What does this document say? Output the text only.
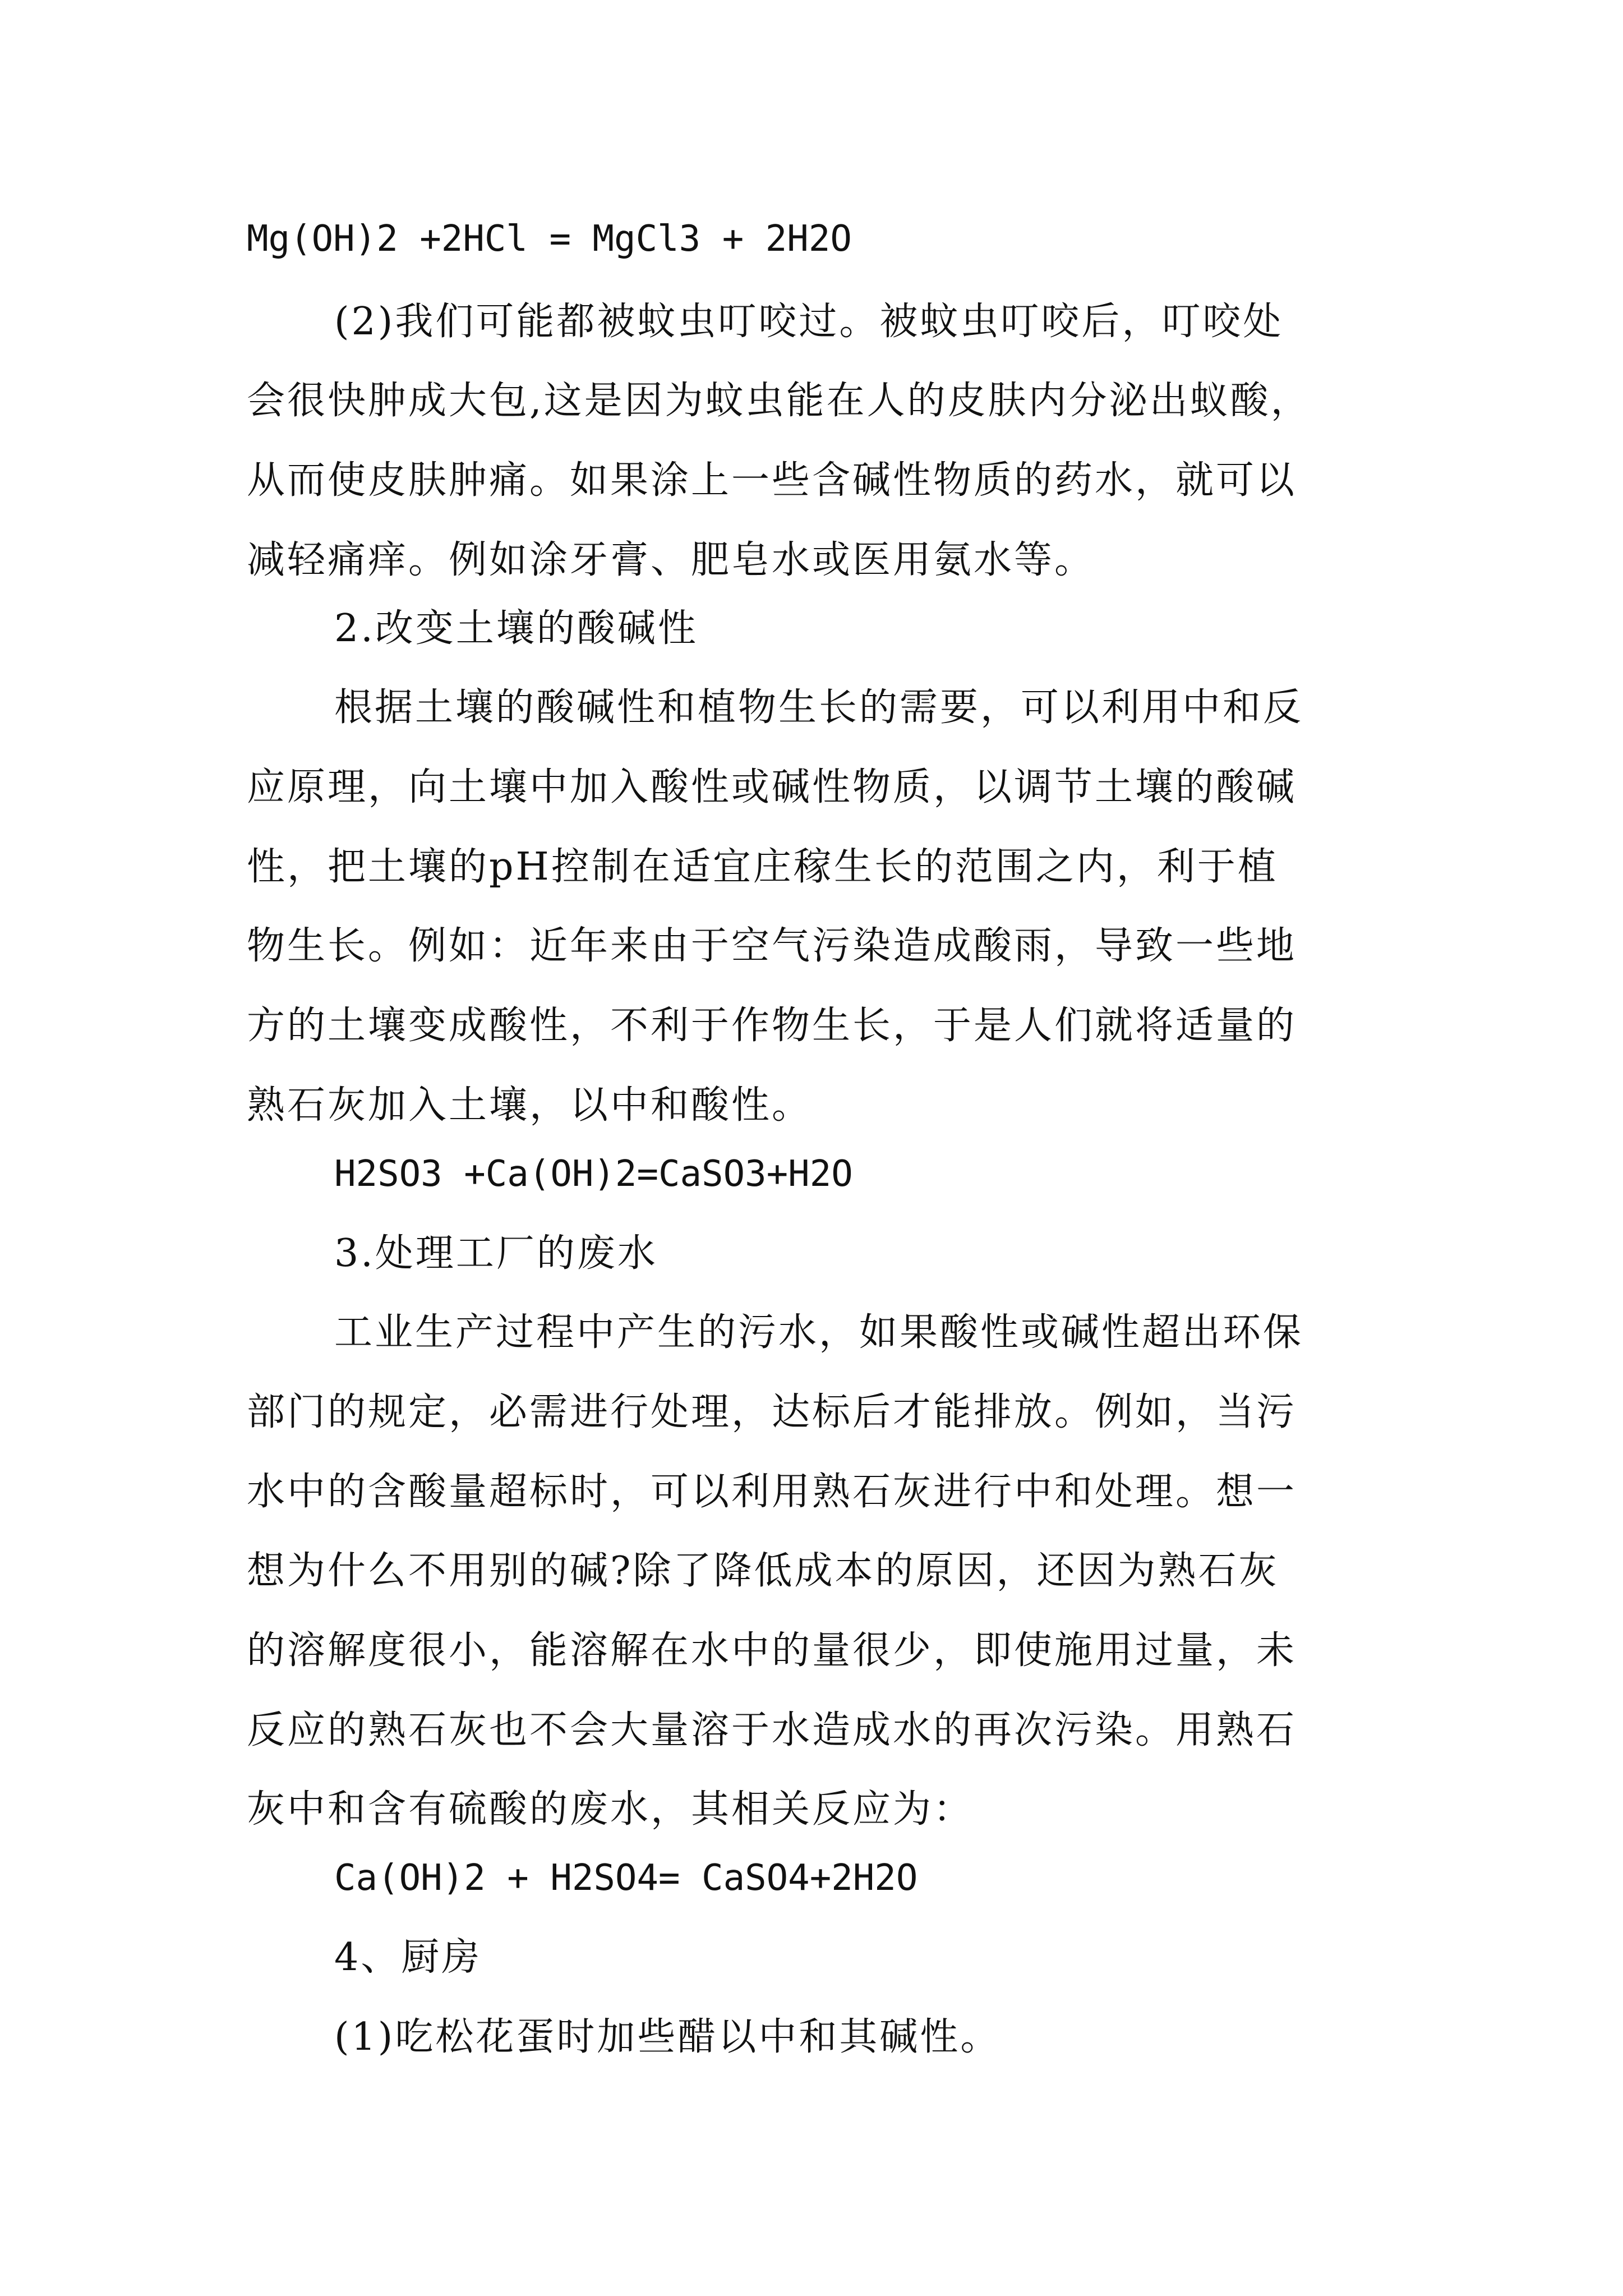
Mg(OH)2 +2HCl = MgCl3 + 2H2O
(2)我们可能都被蚊虫叮咬过。被蚊虫叮咬后，叮咬处
会很快肿成大包,这是因为蚊虫能在人的皮肤内分泌出蚁酸，
从而使皮肤肿痛。如果涂上一些含碱性物质的药水，就可以
减轻痛痒。例如涂牙膏、肥皂水或医用氨水等。
2.改变土壤的酸碱性
根据土壤的酸碱性和植物生长的需要，可以利用中和反
应原理，向土壤中加入酸性或碱性物质，以调节土壤的酸碱
性，把土壤的pH控制在适宜庄稼生长的范围之内，利于植
物生长。例如：近年来由于空气污染造成酸雨，导致一些地
方的土壤变成酸性，不利于作物生长，于是人们就将适量的
熟石灰加入土壤，以中和酸性。
H2SO3 +Ca(OH)2=CaSO3+H2O
3.处理工厂的废水
工业生产过程中产生的污水，如果酸性或碱性超出环保
部门的规定，必需进行处理，达标后才能排放。例如，当污
水中的含酸量超标时，可以利用熟石灰进行中和处理。想一
想为什么不用别的碱?除了降低成本的原因，还因为熟石灰
的溶解度很小，能溶解在水中的量很少，即使施用过量，未
反应的熟石灰也不会大量溶于水造成水的再次污染。用熟石
灰中和含有硫酸的废水，其相关反应为：
Ca(OH)2 + H2SO4= CaSO4+2H2O
4、厨房
(1)吃松花蛋时加些醋以中和其碱性。
